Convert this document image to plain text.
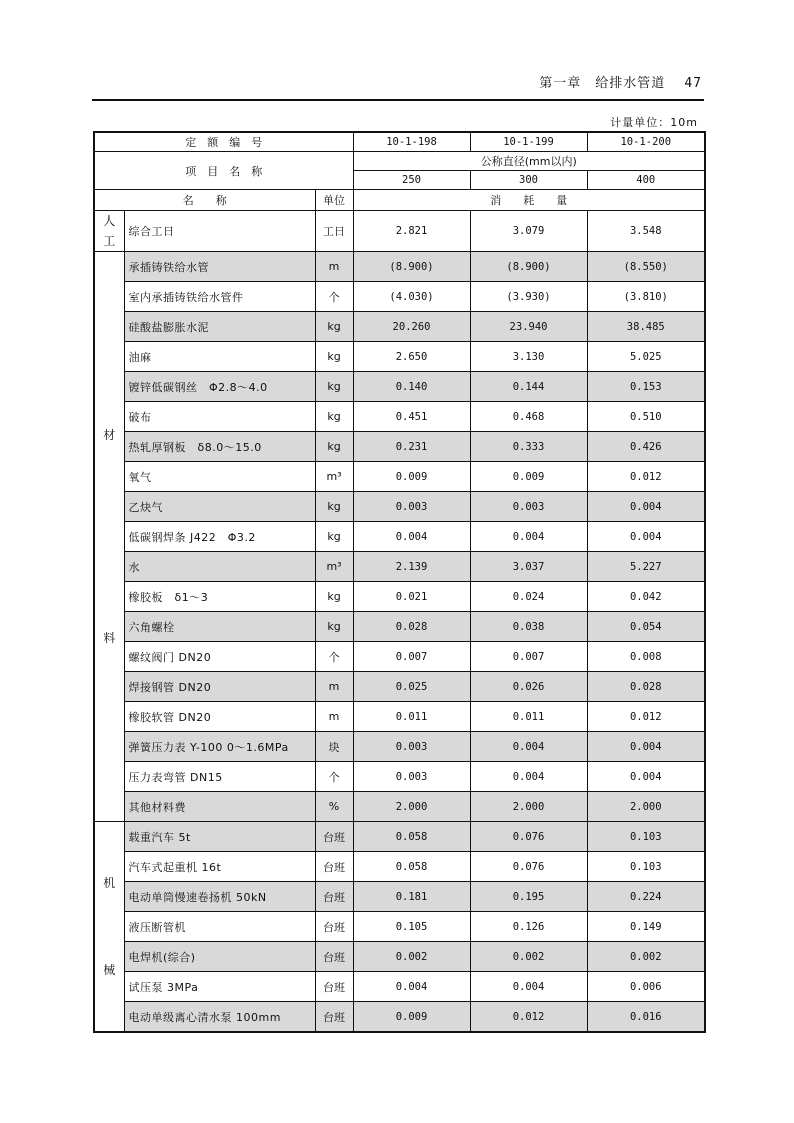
第一章　给排水管道 47
计量单位：10m
定　额　编　号			10-1-198	10-1-199	10-1-200
项　目　名　称			公称直径(mm以内)		
			250	300	400
名　　称		单位	消　　耗　　量		

人
工	综合工日	工日	2.821	3.079	3.548

材
料	承插铸铁给水管	m	(8.900)	(8.900)	(8.550)
	室内承插铸铁给水管件	个	(4.030)	(3.930)	(3.810)
	硅酸盐膨胀水泥	kg	20.260	23.940	38.485
	油麻	kg	2.650	3.130	5.025
	镀锌低碳钢丝　Φ2.8～4.0	kg	0.140	0.144	0.153
	破布	kg	0.451	0.468	0.510
	热轧厚钢板　δ8.0～15.0	kg	0.231	0.333	0.426
	氧气	m³	0.009	0.009	0.012
	乙炔气	kg	0.003	0.003	0.004
	低碳钢焊条 J422　Φ3.2	kg	0.004	0.004	0.004
	水	m³	2.139	3.037	5.227
	橡胶板　δ1～3	kg	0.021	0.024	0.042
	六角螺栓	kg	0.028	0.038	0.054
	螺纹阀门 DN20	个	0.007	0.007	0.008
	焊接钢管 DN20	m	0.025	0.026	0.028
	橡胶软管 DN20	m	0.011	0.011	0.012
	弹簧压力表 Y-100 0～1.6MPa	块	0.003	0.004	0.004
	压力表弯管 DN15	个	0.003	0.004	0.004
	其他材料费	%	2.000	2.000	2.000

机
械	载重汽车 5t	台班	0.058	0.076	0.103
	汽车式起重机 16t	台班	0.058	0.076	0.103
	电动单筒慢速卷扬机 50kN	台班	0.181	0.195	0.224
	液压断管机	台班	0.105	0.126	0.149
	电焊机(综合)	台班	0.002	0.002	0.002
	试压泵 3MPa	台班	0.004	0.004	0.006
	电动单级离心清水泵 100mm	台班	0.009	0.012	0.016
